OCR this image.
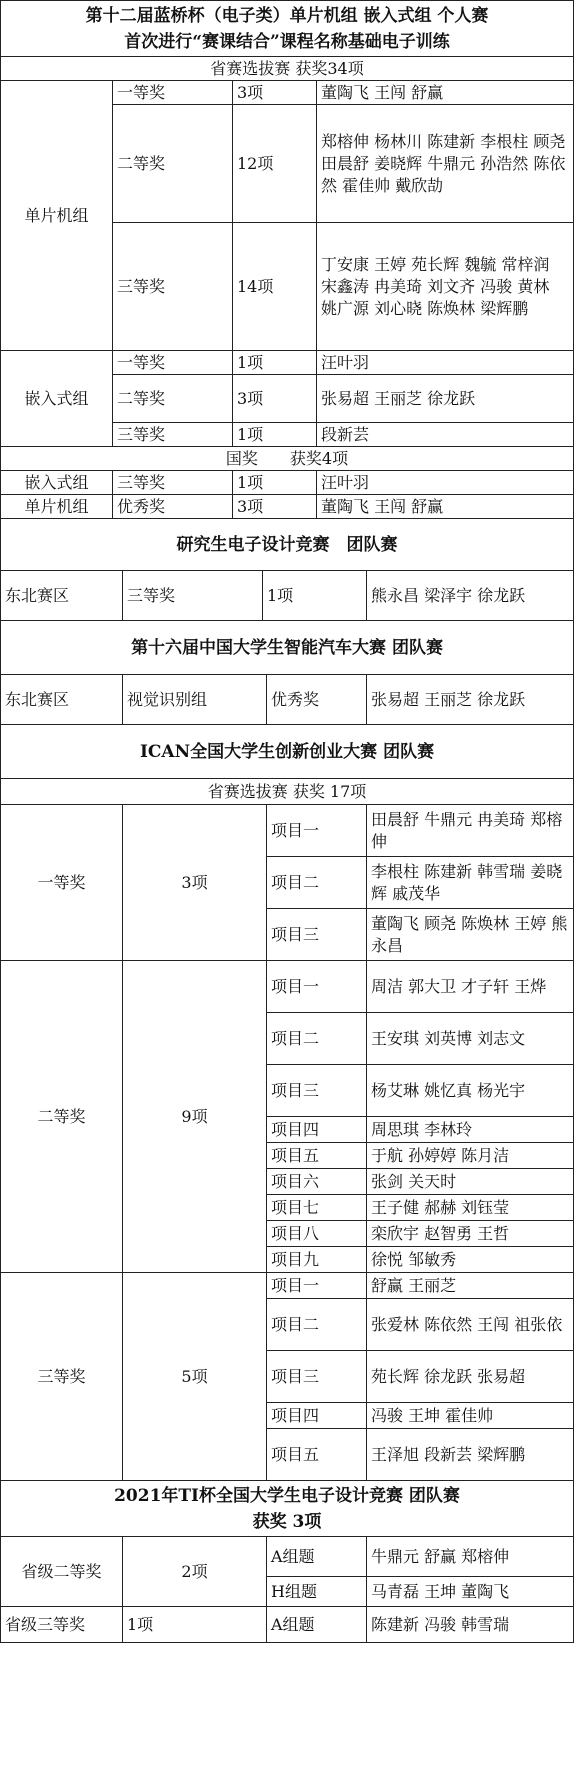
第十二届蓝桥杯（电子类）单片机组 嵌入式组 个人赛
首次进行“赛课结合”课程名称基础电子训练			

省赛选拔赛 获奖34项			
单片机组	一等奖	3项	董陶飞 王闯 舒赢
	二等奖	12项	郑榕伸 杨林川 陈建新 李根柱 顾尧 田晨舒 姜晓辉 牛鼎元 孙浩然 陈依然 霍佳帅 戴欣劼
	三等奖	14项	丁安康 王婷 苑长辉 魏毓 常梓润 宋鑫涛 冉美琦 刘文齐 冯骏 黄林 姚广源 刘心晓 陈焕林 梁辉鹏
嵌入式组	一等奖	1项	汪叶羽
	二等奖	3项	张易超 王丽芝 徐龙跃
	三等奖	1项	段新芸
国奖　　获奖4项			
嵌入式组	三等奖	1项	汪叶羽
单片机组	优秀奖	3项	董陶飞 王闯 舒赢
研究生电子设计竞赛　团队赛
东北赛区	三等奖	1项	熊永昌 梁泽宇 徐龙跃
第十六届中国大学生智能汽车大赛 团队赛
东北赛区	视觉识别组	优秀奖	张易超 王丽芝 徐龙跃
ICAN全国大学生创新创业大赛 团队赛			
省赛选拔赛 获奖 17项			
一等奖	3项	项目一	田晨舒 牛鼎元 冉美琦 郑榕伸
		项目二	李根柱 陈建新 韩雪瑞 姜晓辉 戚茂华
		项目三	董陶飞 顾尧 陈焕林 王婷 熊永昌
二等奖	9项	项目一	周洁 郭大卫 才子轩 王烨
		项目二	王安琪 刘英博 刘志文
		项目三	杨艾琳 姚忆真 杨光宇
		项目四	周思琪 李林玲
		项目五	于航 孙婷婷 陈月洁
		项目六	张剑 关天时
		项目七	王子健 郝赫 刘钰莹
		项目八	栾欣宇 赵智勇 王哲
		项目九	徐悦 邹敏秀
三等奖	5项	项目一	舒赢 王丽芝
		项目二	张爱林 陈依然 王闯 祖张依
		项目三	苑长辉 徐龙跃 张易超
		项目四	冯骏 王坤 霍佳帅
		项目五	王泽旭 段新芸 梁辉鹏
2021年TI杯全国大学生电子设计竞赛 团队赛
获奖 3项			

省级二等奖	2项	A组题	牛鼎元 舒赢 郑榕伸
		H组题	马青磊 王坤 董陶飞
省级三等奖	1项	A组题	陈建新 冯骏 韩雪瑞
